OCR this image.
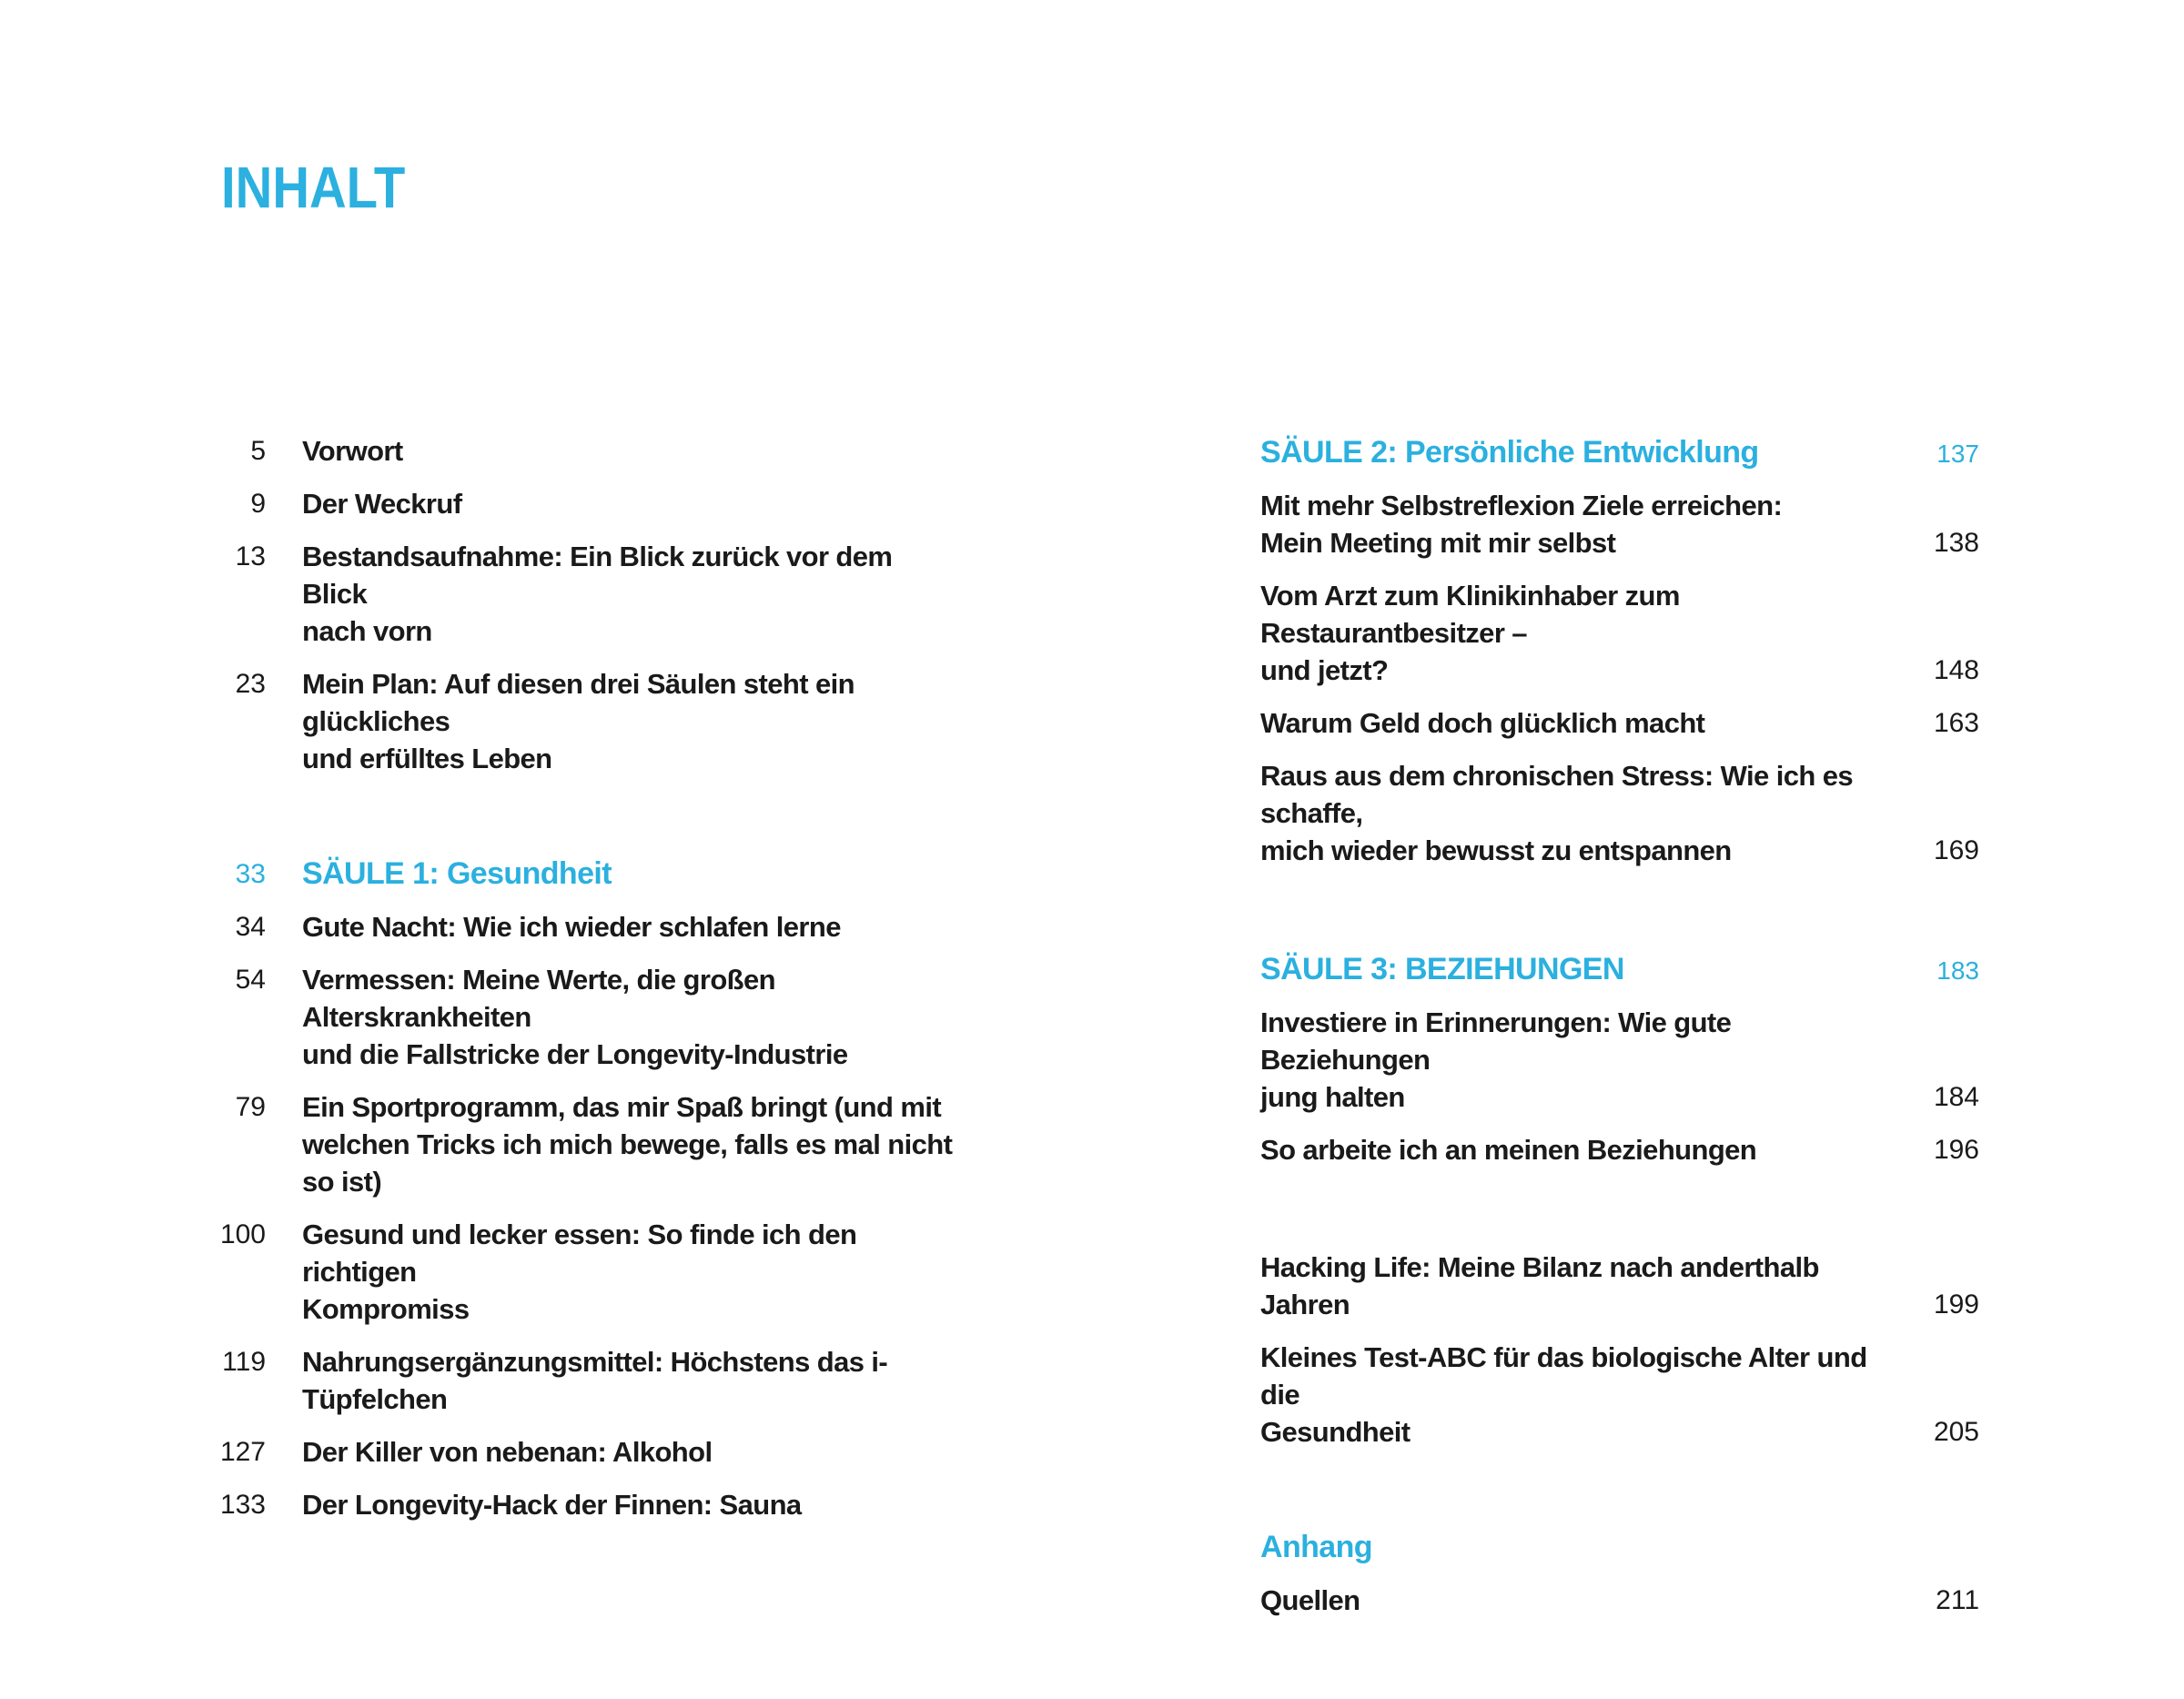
INHALT
5 Vorwort
9 Der Weckruf
13 Bestandsaufnahme: Ein Blick zurück vor dem Blick
nach vorn
23 Mein Plan: Auf diesen drei Säulen steht ein glückliches
und erfülltes Leben
33 SÄULE 1: Gesundheit
34 Gute Nacht: Wie ich wieder schlafen lerne
54 Vermessen: Meine Werte, die großen Alterskrankheiten
und die Fallstricke der Longevity-Industrie
79 Ein Sportprogramm, das mir Spaß bringt (und mit
welchen Tricks ich mich bewege, falls es mal nicht so ist)
100 Gesund und lecker essen: So finde ich den richtigen
Kompromiss
119 Nahrungsergänzungsmittel: Höchstens das i-Tüpfelchen
127 Der Killer von nebenan: Alkohol
133 Der Longevity-Hack der Finnen: Sauna
SÄULE 2: Persönliche Entwicklung	137
Mit mehr Selbstreflexion Ziele erreichen:
Mein Meeting mit mir selbst	138
Vom Arzt zum Klinikinhaber zum Restaurantbesitzer –
und jetzt?	148
Warum Geld doch glücklich macht	163
Raus aus dem chronischen Stress: Wie ich es schaffe,
mich wieder bewusst zu entspannen	169
SÄULE 3: BEZIEHUNGEN	183
Investiere in Erinnerungen: Wie gute Beziehungen
jung halten	184
So arbeite ich an meinen Beziehungen	196
Hacking Life: Meine Bilanz nach anderthalb Jahren	199
Kleines Test-ABC für das biologische Alter und die
Gesundheit	205
Anhang
Quellen	211
